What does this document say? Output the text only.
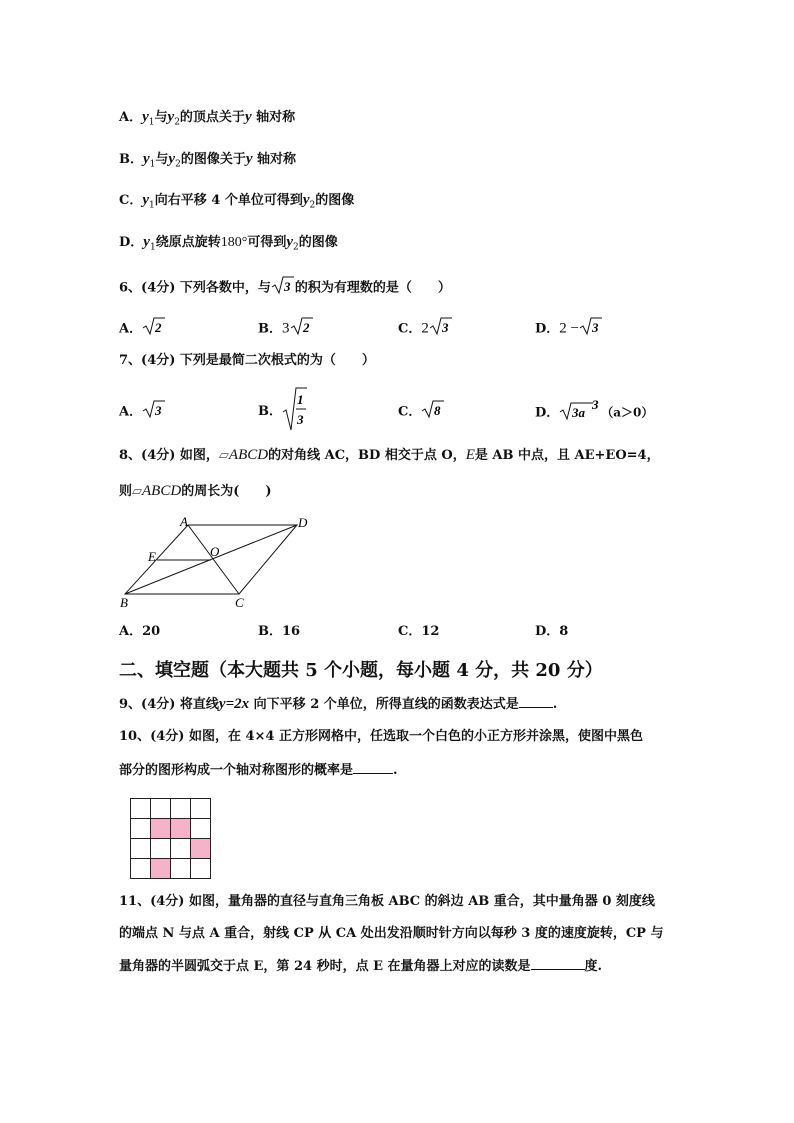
A．$y_1$与$y_2$的顶点关于y 轴对称
B．$y_1$与$y_2$的图像关于y 轴对称
C．$y_1$向右平移 4 个单位可得到$y_2$的图像
D．$y_1$绕原点旋转180°可得到$y_2$的图像
6、(4分) 下列各数中，与 3 的积为有理数的是（　　）
A． 2	B．3 2	C．2 3	D．2 − 3
7、(4分) 下列是最简二次根式的为（　　）
A． 3	B．
1
3	C． 8	D． 3a
3
（a＞0）
8、(4分) 如图，▱ABCD的对角线 AC，BD 相交于点 O，E是 AB 中点，且 AE+EO=4，
则▱ABCD的周长为(　　)
A	D
E	O
B	C
A．20	B．16	C．12	D．8
二、填空题（本大题共 5 个小题，每小题 4 分，共 20 分）
9、(4分) 将直线y=2x 向下平移 2 个单位，所得直线的函数表达式是	.
10、(4分) 如图，在 4×4 正方形网格中，任选取一个白色的小正方形并涂黑，使图中黑色
部分的图形构成一个轴对称图形的概率是	.
11、(4分) 如图，量角器的直径与直角三角板 ABC 的斜边 AB 重合，其中量角器 0 刻度线
的端点 N 与点 A 重合，射线 CP 从 CA 处出发沿顺时针方向以每秒 3 度的速度旋转，CP 与
量角器的半圆弧交于点 E，第 24 秒时，点 E 在量角器上对应的读数是	度.
